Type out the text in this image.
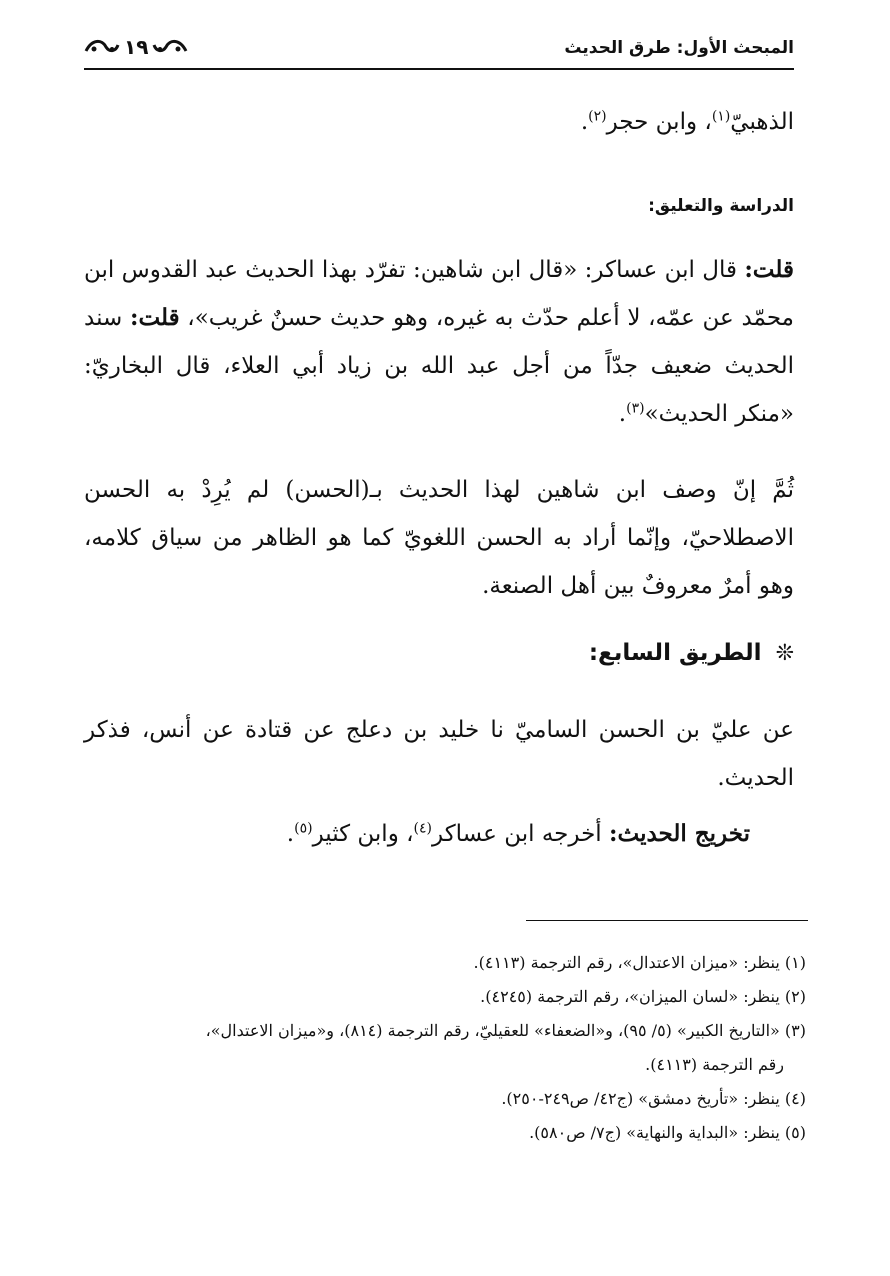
المبحث الأول: طرق الحديث
١٩
الذهبيّ$^{(١)}$، وابن حجر$^{(٢)}$.
الدراسة والتعليق:
قلت: قال ابن عساكر: «قال ابن شاهين: تفرّد بهذا الحديث عبد القدوس ابن محمّد عن عمّه، لا أعلم حدّث به غيره، وهو حديث حسنٌ غريب»، قلت: سند الحديث ضعيف جدّاً من أجل عبد الله بن زياد أبي العلاء، قال البخاريّ: «منكر الحديث»$^{(٣)}$.
ثُمَّ إنّ وصف ابن شاهين لهذا الحديث بـ(الحسن) لم يُرِدْ به الحسن الاصطلاحيّ، وإنّما أراد به الحسن اللغويّ كما هو الظاهر من سياق كلامه، وهو أمرٌ معروفٌ بين أهل الصنعة.
❊
الطريق السابع:
عن عليّ بن الحسن الساميّ نا خليد بن دعلج عن قتادة عن أنس، فذكر الحديث.
تخريج الحديث: أخرجه ابن عساكر$^{(٤)}$، وابن كثير$^{(٥)}$.

(١) ينظر: «ميزان الاعتدال»، رقم الترجمة (٤١١٣).

(٢) ينظر: «لسان الميزان»، رقم الترجمة (٤٢٤٥).

(٣) «التاريخ الكبير» (٥/ ٩٥)، و«الضعفاء» للعقيليّ، رقم الترجمة (٨١٤)، و«ميزان الاعتدال»،

رقم الترجمة (٤١١٣).

(٤) ينظر: «تأريخ دمشق» (ج٤٢/ ص٢٤٩-٢٥٠).

(٥) ينظر: «البداية والنهاية» (ج٧/ ص٥٨٠).
